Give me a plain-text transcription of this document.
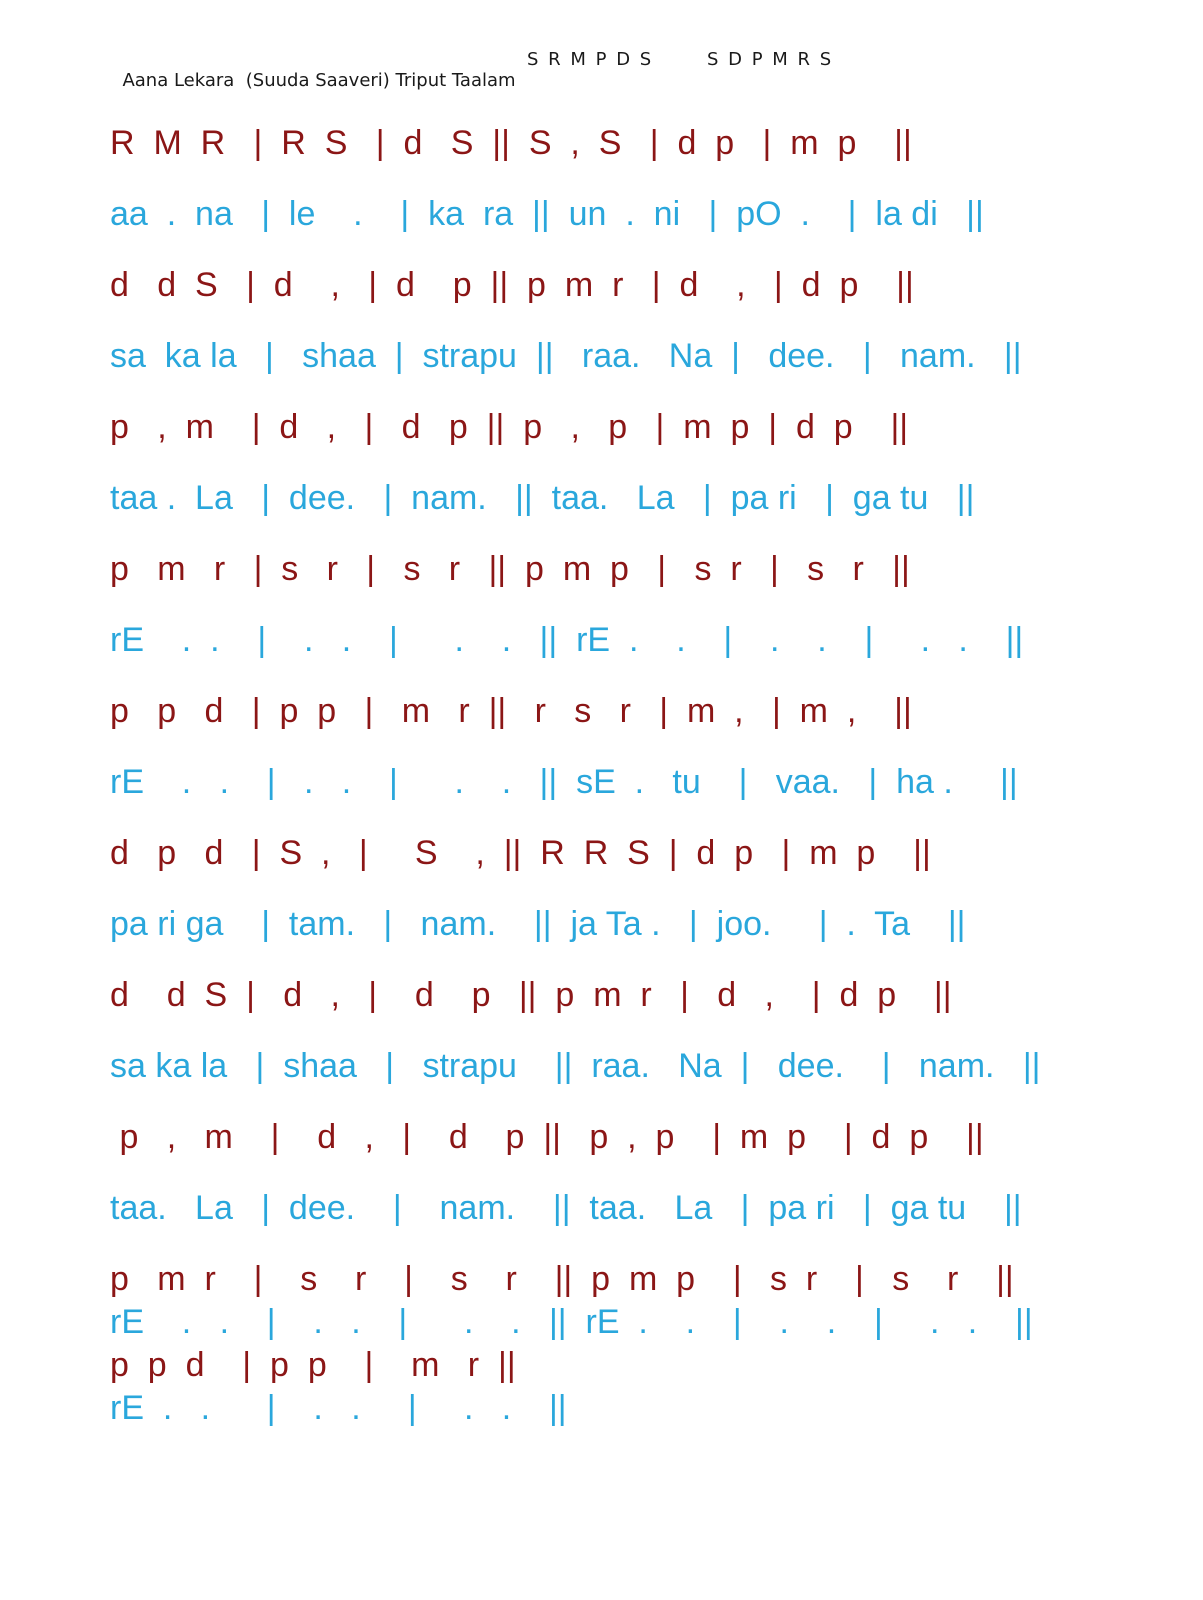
Aana Lekara  (Suuda Saaveri) Triput Taalam

S R M P D S

	S D P M R S

R  M  R   |  R  S   |  d   S  ||  S  ,  S   |  d  p   |  m  p    ||
aa  .  na   |  le    .    |  ka  ra  ||  un  .  ni   |  pO  .    |  la di   ||
d   d  S   |  d    ,   |  d    p  ||  p  m  r   |  d    ,   |  d  p    ||
sa  ka la   |   shaa  |  strapu  ||   raa.   Na  |   dee.   |   nam.   ||
p   ,  m    |  d   ,   |   d   p  ||  p   ,   p   |  m  p  |  d  p    ||
taa .  La   |  dee.   |  nam.   ||  taa.   La   |  pa ri   |  ga tu   ||
p   m   r   |  s   r   |   s   r   ||  p  m  p   |   s  r   |   s   r   ||
rE    .  .    |    .   .    |      .    .   ||  rE  .    .    |    .    .    |     .   .    ||
p   p   d   |  p  p   |   m   r  ||   r   s   r   |  m  ,   |  m  ,    ||
rE    .   .    |   .   .    |      .    .   ||  sE  .   tu    |   vaa.   |  ha .     ||
d   p   d   |  S  ,   |     S    ,  ||  R  R  S  |  d  p   |  m  p    ||
pa ri ga    |  tam.   |   nam.    ||  ja Ta .   |  joo.     |  .  Ta    ||
d    d  S  |   d   ,   |    d    p   ||  p  m  r   |   d   ,    |  d  p    ||
sa ka la   |  shaa   |   strapu    ||  raa.   Na  |   dee.    |   nam.   ||
p   ,   m    |    d   ,   |    d    p  ||   p  ,  p    |  m  p    |  d  p    ||
taa.   La   |  dee.    |    nam.    ||  taa.   La   |  pa ri   |  ga tu    ||
p   m  r    |    s    r    |    s    r    ||  p  m  p    |   s  r    |   s    r    ||
rE    .   .    |    .   .    |      .    .   ||  rE  .    .    |    .    .    |     .   .    ||
p  p  d    |  p  p    |    m   r  ||
rE  .   .      |    .   .     |     .   .    ||
